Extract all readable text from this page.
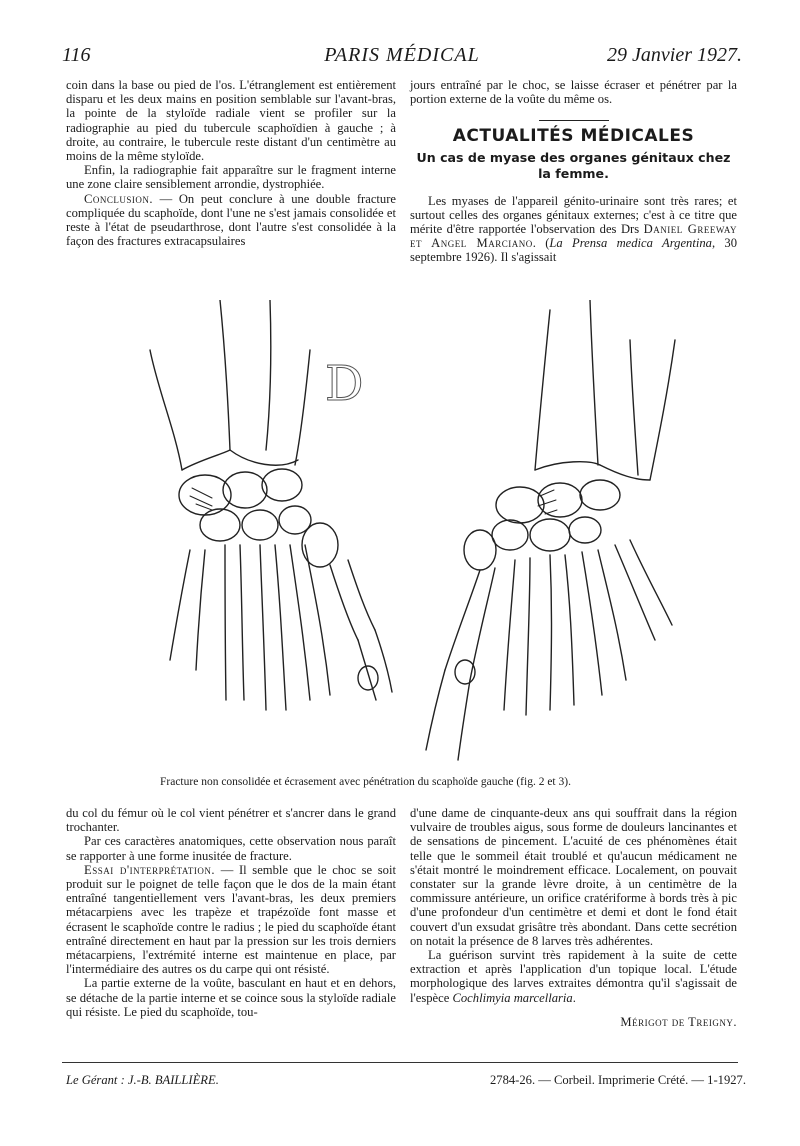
116	PARIS MÉDICAL	29 Janvier 1927.

coin dans la base ou pied de l'os. L'étranglement est entièrement disparu et les deux mains en position semblable sur l'avant-bras, la pointe de la styloïde radiale vient se profiler sur la radiographie au pied du tubercule scaphoïdien à gauche ; à droite, au contraire, le tubercule reste distant d'un centimètre au moins de la même styloïde.

Enfin, la radiographie fait apparaître sur le fragment interne une zone claire sensiblement arrondie, dystrophiée.

Conclusion. — On peut conclure à une double fracture compliquée du scaphoïde, dont l'une ne s'est jamais consolidée et reste à l'état de pseudarthrose, dont l'autre s'est consolidée à la façon des fractures extracapsulaires

jours entraîné par le choc, se laisse écraser et pénétrer par la portion externe de la voûte du même os.

ACTUALITÉS MÉDICALES
Un cas de myase des organes génitaux chez la femme.

Les myases de l'appareil génito-urinaire sont très rares; et surtout celles des organes génitaux externes; c'est à ce titre que mérite d'être rapportée l'observation des Drs Daniel Greeway et Angel Marciano. (La Prensa medica Argentina, 30 septembre 1926). Il s'agissait

D
Fracture non consolidée et écrasement avec pénétration du scaphoïde gauche (fig. 2 et 3).

du col du fémur où le col vient pénétrer et s'ancrer dans le grand trochanter.

Par ces caractères anatomiques, cette observation nous paraît se rapporter à une forme inusitée de fracture.

Essai d'interprétation. — Il semble que le choc se soit produit sur le poignet de telle façon que le dos de la main étant entraîné tangentiellement vers l'avant-bras, les deux premiers métacarpiens avec les trapèze et trapézoïde font masse et écrasent le scaphoïde contre le radius ; le pied du scaphoïde étant entraîné directement en haut par la pression sur les trois derniers métacarpiens, l'extrémité interne est maintenue en place, par l'intermédiaire des autres os du carpe qui ont résisté.

La partie externe de la voûte, basculant en haut et en dehors, se détache de la partie interne et se coince sous la styloïde radiale qui résiste. Le pied du scaphoïde, tou-

d'une dame de cinquante-deux ans qui souffrait dans la région vulvaire de troubles aigus, sous forme de douleurs lancinantes et de sensations de pincement. L'acuité de ces phénomènes était telle que le sommeil était troublé et qu'aucun médicament ne s'était montré le moindrement efficace. Localement, on pouvait constater sur la grande lèvre droite, à un centimètre de la commissure antérieure, un orifice cratériforme à bords très à pic d'une profondeur d'un centimètre et demi et dont le fond était couvert d'un exsudat grisâtre très abondant. Dans cette secrétion on notait la présence de 8 larves très adhérentes.

La guérison survint très rapidement à la suite de cette extraction et après l'application d'un topique local. L'étude morphologique des larves extraites démontra qu'il s'agissait de l'espèce Cochlimyia marcellaria.

Mérigot de Treigny.
Le Gérant : J.-B. BAILLIÈRE.	2784-26. — Corbeil. Imprimerie Crété. — 1-1927.
